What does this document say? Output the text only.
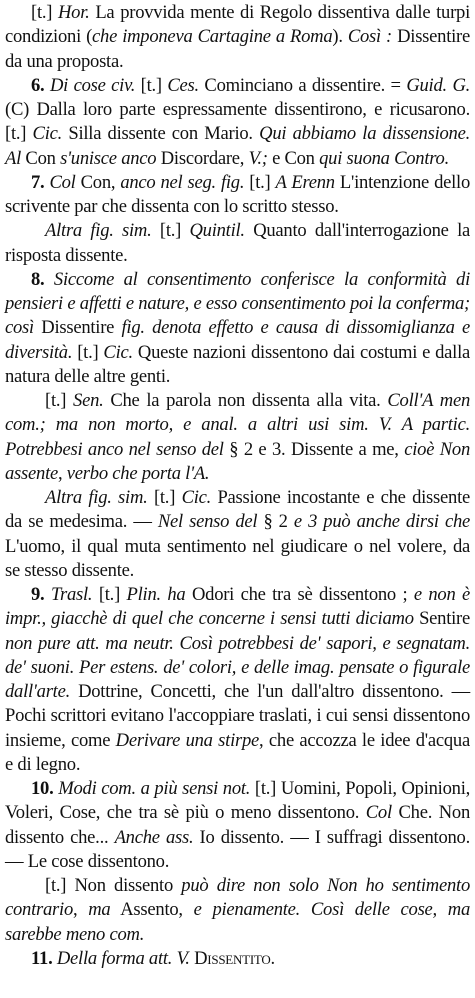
[t.] Hor. La provvida mente di Regolo dissentiva dalle turpi condizioni (che imponeva Cartagine a Roma). Così : Dissentire da una proposta.

6. Di cose civ. [t.] Ces. Cominciano a dissentire. = Guid. G. (C) Dalla loro parte espressamente dissentirono, e ricusarono. [t.] Cic. Silla dissente con Mario. Qui abbiamo la dissensione. Al Con s'unisce anco Discordare, V.; e Con qui suona Contro.

7. Col Con, anco nel seg. fig. [t.] A Erenn L'intenzione dello scrivente par che dissenta con lo scritto stesso.

Altra fig. sim. [t.] Quintil. Quanto dall'interrogazione la risposta dissente.

8. Siccome al consentimento conferisce la conformità di pensieri e affetti e nature, e esso consentimento poi la conferma; così Dissentire fig. denota effetto e causa di dissomiglianza e diversità. [t.] Cic. Queste nazioni dissentono dai costumi e dalla natura delle altre genti.

[t.] Sen. Che la parola non dissenta alla vita. Coll'A men com.; ma non morto, e anal. a altri usi sim. V. A partic. Potrebbesi anco nel senso del § 2 e 3. Dissente a me, cioè Non assente, verbo che porta l'A.

Altra fig. sim. [t.] Cic. Passione incostante e che dissente da se medesima. — Nel senso del § 2 e 3 può anche dirsi che L'uomo, il qual muta sentimento nel giudicare o nel volere, da se stesso dissente.

9. Trasl. [t.] Plin. ha Odori che tra sè dissentono ; e non è impr., giacchè di quel che concerne i sensi tutti diciamo Sentire non pure att. ma neutr. Così potrebbesi de' sapori, e segnatam. de' suoni. Per estens. de' colori, e delle imag. pensate o figurale dall'arte. Dottrine, Concetti, che l'un dall'altro dissentono. — Pochi scrittori evitano l'accoppiare traslati, i cui sensi dissentono insieme, come Derivare una stirpe, che accozza le idee d'acqua e di legno.

10. Modi com. a più sensi not. [t.] Uomini, Popoli, Opinioni, Voleri, Cose, che tra sè più o meno dissentono. Col Che. Non dissento che... Anche ass. Io dissento. — I suffragi dissentono. — Le cose dissentono.

[t.] Non dissento può dire non solo Non ho sentimento contrario, ma Assento, e pienamente. Così delle cose, ma sarebbe meno com.

11. Della forma att. V. Dissentito.
